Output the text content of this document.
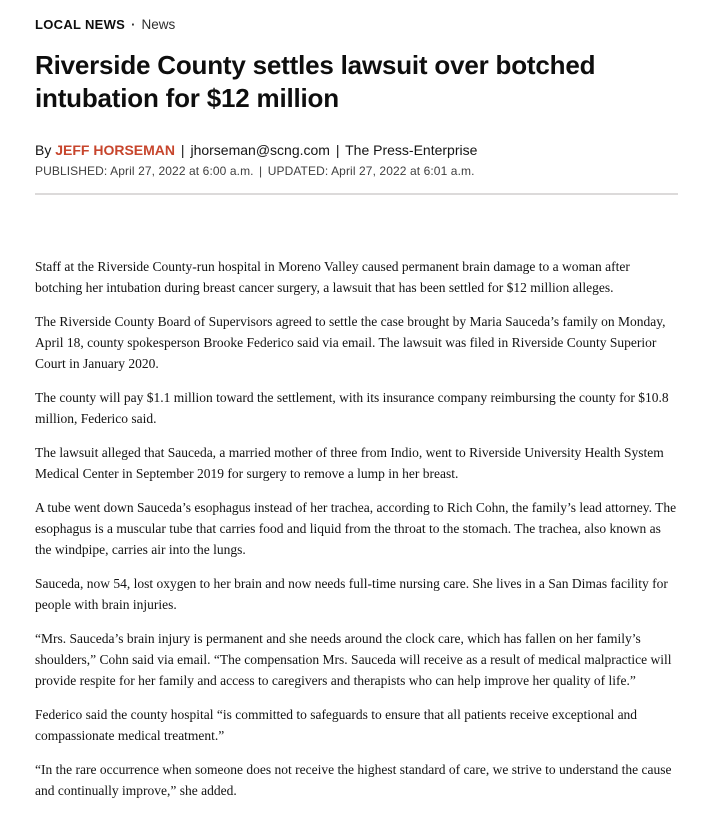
LOCAL NEWS · News
Riverside County settles lawsuit over botched intubation for $12 million
By JEFF HORSEMAN | jhorseman@scng.com | The Press-Enterprise
PUBLISHED: April 27, 2022 at 6:00 a.m. | UPDATED: April 27, 2022 at 6:01 a.m.

Staff at the Riverside County-run hospital in Moreno Valley caused permanent brain damage to a woman after botching her intubation during breast cancer surgery, a lawsuit that has been settled for $12 million alleges.

The Riverside County Board of Supervisors agreed to settle the case brought by Maria Sauceda’s family on Monday, April 18, county spokesperson Brooke Federico said via email. The lawsuit was filed in Riverside County Superior Court in January 2020.

The county will pay $1.1 million toward the settlement, with its insurance company reimbursing the county for $10.8 million, Federico said.

The lawsuit alleged that Sauceda, a married mother of three from Indio, went to Riverside University Health System Medical Center in September 2019 for surgery to remove a lump in her breast.

A tube went down Sauceda’s esophagus instead of her trachea, according to Rich Cohn, the family’s lead attorney. The esophagus is a muscular tube that carries food and liquid from the throat to the stomach. The trachea, also known as the windpipe, carries air into the lungs.

Sauceda, now 54, lost oxygen to her brain and now needs full-time nursing care. She lives in a San Dimas facility for people with brain injuries.

“Mrs. Sauceda’s brain injury is permanent and she needs around the clock care, which has fallen on her family’s shoulders,” Cohn said via email. “The compensation Mrs. Sauceda will receive as a result of medical malpractice will provide respite for her family and access to caregivers and therapists who can help improve her quality of life.”

Federico said the county hospital “is committed to safeguards to ensure that all patients receive exceptional and compassionate medical treatment.”

“In the rare occurrence when someone does not receive the highest standard of care, we strive to understand the cause and continually improve,” she added.
